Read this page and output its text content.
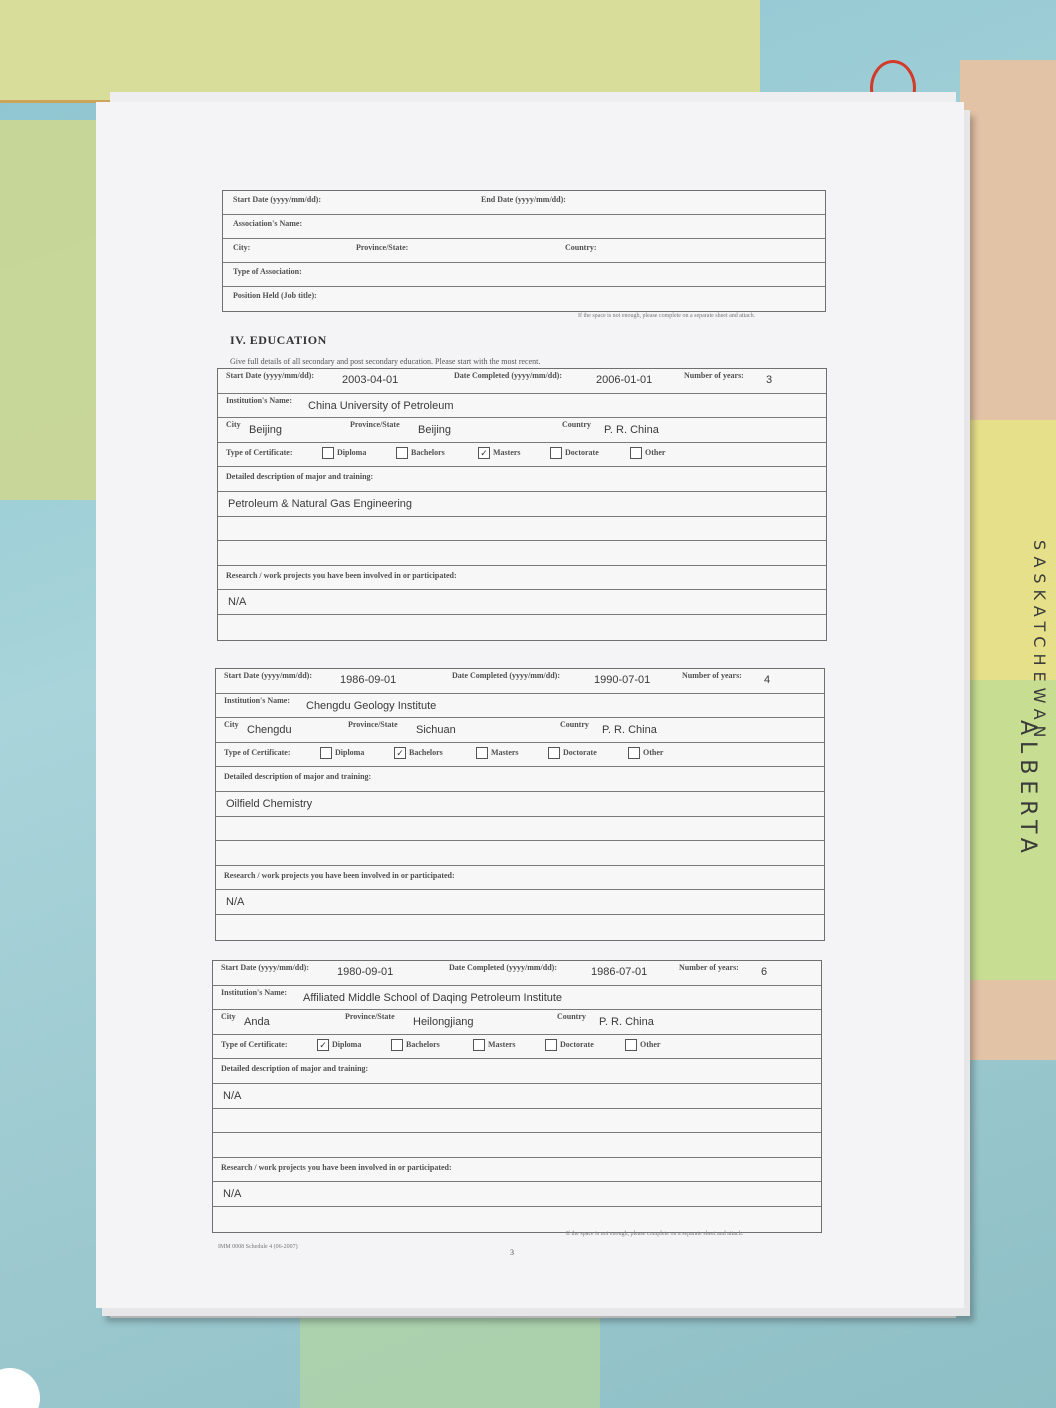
ALBERTA
SASKATCHEWAN
Start Date (yyyy/mm/dd):	End Date (yyyy/mm/dd):
Association's Name:
City:	Province/State:	Country:
Type of Association:
Position Held (Job title):
If the space is not enough, please complete on a separate sheet and attach.
IV. EDUCATION
Give full details of all secondary and post secondary education. Please start with the most recent.
Start Date (yyyy/mm/dd):	2003-04-01	Date Completed (yyyy/mm/dd):	2006-01-01	Number of years: 3
Institution's Name: China University of Petroleum
City Beijing	Province/State Beijing	Country P. R. China
Type of Certificate:	Diploma	Bachelors	✓ Masters	Doctorate	Other
Detailed description of major and training:
Petroleum & Natural Gas Engineering
Research / work projects you have been involved in or participated:
N/A
Start Date (yyyy/mm/dd):	1986-09-01	Date Completed (yyyy/mm/dd):	1990-07-01	Number of years: 4
Institution's Name: Chengdu Geology Institute
City Chengdu	Province/State Sichuan	Country P. R. China
Type of Certificate:	Diploma	✓ Bachelors	Masters	Doctorate	Other
Detailed description of major and training:
Oilfield Chemistry
Research / work projects you have been involved in or participated:
N/A
Start Date (yyyy/mm/dd):	1980-09-01	Date Completed (yyyy/mm/dd):	1986-07-01	Number of years: 6
Institution's Name: Affiliated Middle School of Daqing Petroleum Institute
City Anda	Province/State Heilongjiang	Country P. R. China
Type of Certificate:	✓ Diploma	Bachelors	Masters	Doctorate	Other
Detailed description of major and training:
N/A
Research / work projects you have been involved in or participated:
N/A
If the space is not enough, please complete on a separate sheet and attach.
IMM 0008 Schedule 4 (06-2007)
3
